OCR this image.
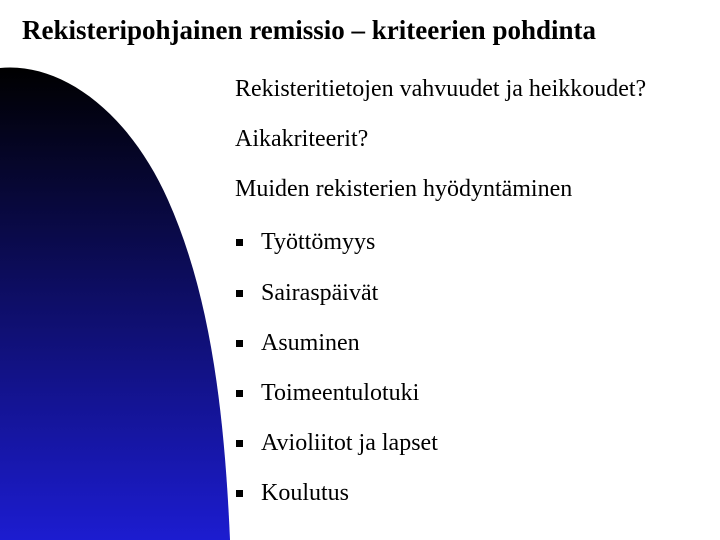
Rekisteripohjainen remissio – kriteerien pohdinta
Rekisteritietojen vahvuudet ja heikkoudet?
Aikakriteerit?
Muiden rekisterien hyödyntäminen
Työttömyys
Sairaspäivät
Asuminen
Toimeentulotuki
Avioliitot ja lapset
Koulutus
